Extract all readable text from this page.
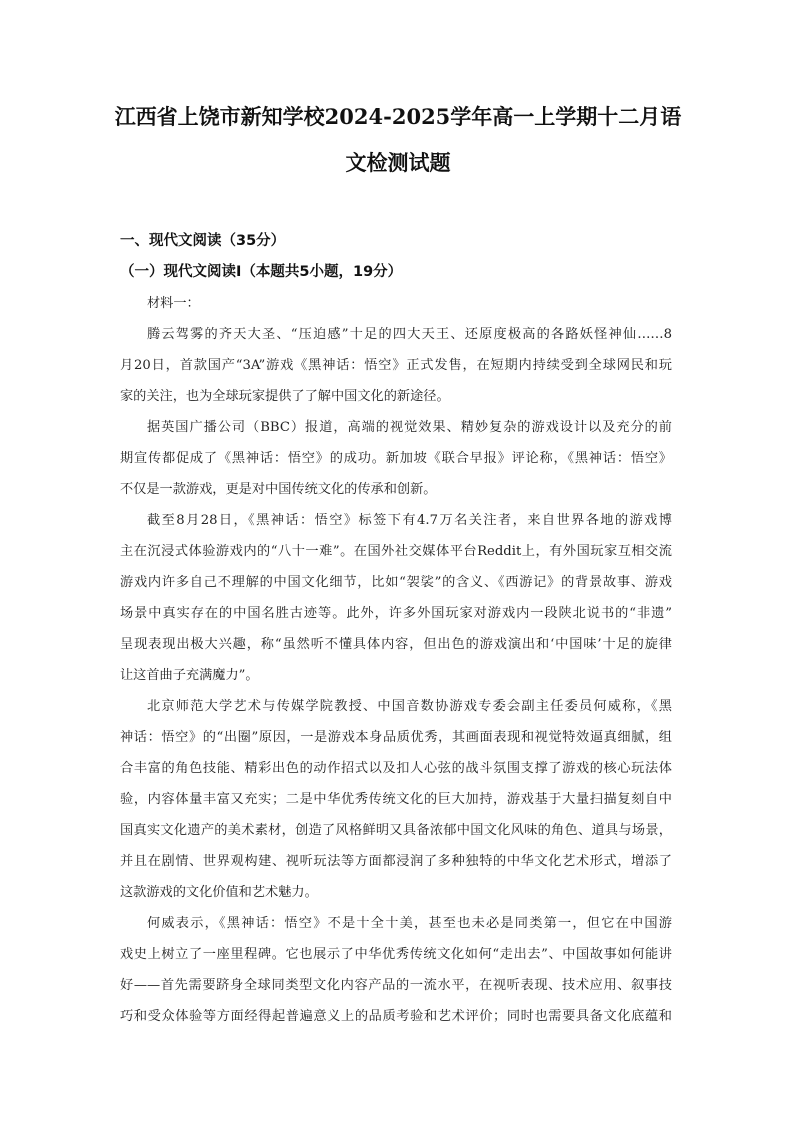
江西省上饶市新知学校2024-2025学年高一上学期十二月语
文检测试题
一、现代文阅读（35分）
（一）现代文阅读Ⅰ（本题共5小题，19分）
材料一：
腾云驾雾的齐天大圣、“压迫感”十足的四大天王、还原度极高的各路妖怪神仙……8
月20日，首款国产“3A”游戏《黑神话：悟空》正式发售，在短期内持续受到全球网民和玩
家的关注，也为全球玩家提供了了解中国文化的新途径。
据英国广播公司（BBC）报道，高端的视觉效果、精妙复杂的游戏设计以及充分的前
期宣传都促成了《黑神话：悟空》的成功。新加坡《联合早报》评论称，《黑神话：悟空》
不仅是一款游戏，更是对中国传统文化的传承和创新。
截至8月28日，《黑神话：悟空》标签下有4.7万名关注者，来自世界各地的游戏博
主在沉浸式体验游戏内的“八十一难”。在国外社交媒体平台Reddit上，有外国玩家互相交流
游戏内许多自己不理解的中国文化细节，比如“袈裟”的含义、《西游记》的背景故事、游戏
场景中真实存在的中国名胜古迹等。此外，许多外国玩家对游戏内一段陕北说书的“非遗”
呈现表现出极大兴趣，称“虽然听不懂具体内容，但出色的游戏演出和‘中国味’十足的旋律
让这首曲子充满魔力”。
北京师范大学艺术与传媒学院教授、中国音数协游戏专委会副主任委员何威称，《黑
神话：悟空》的“出圈”原因，一是游戏本身品质优秀，其画面表现和视觉特效逼真细腻，组
合丰富的角色技能、精彩出色的动作招式以及扣人心弦的战斗氛围支撑了游戏的核心玩法体
验，内容体量丰富又充实；二是中华优秀传统文化的巨大加持，游戏基于大量扫描复刻自中
国真实文化遗产的美术素材，创造了风格鲜明又具备浓郁中国文化风味的角色、道具与场景，
并且在剧情、世界观构建、视听玩法等方面都浸润了多种独特的中华文化艺术形式，增添了
这款游戏的文化价值和艺术魅力。
何威表示，《黑神话：悟空》不是十全十美，甚至也未必是同类第一，但它在中国游
戏史上树立了一座里程碑。它也展示了中华优秀传统文化如何“走出去”、中国故事如何能讲
好——首先需要跻身全球同类型文化内容产品的一流水平，在视听表现、技术应用、叙事技
巧和受众体验等方面经得起普遍意义上的品质考验和艺术评价；同时也需要具备文化底蕴和
